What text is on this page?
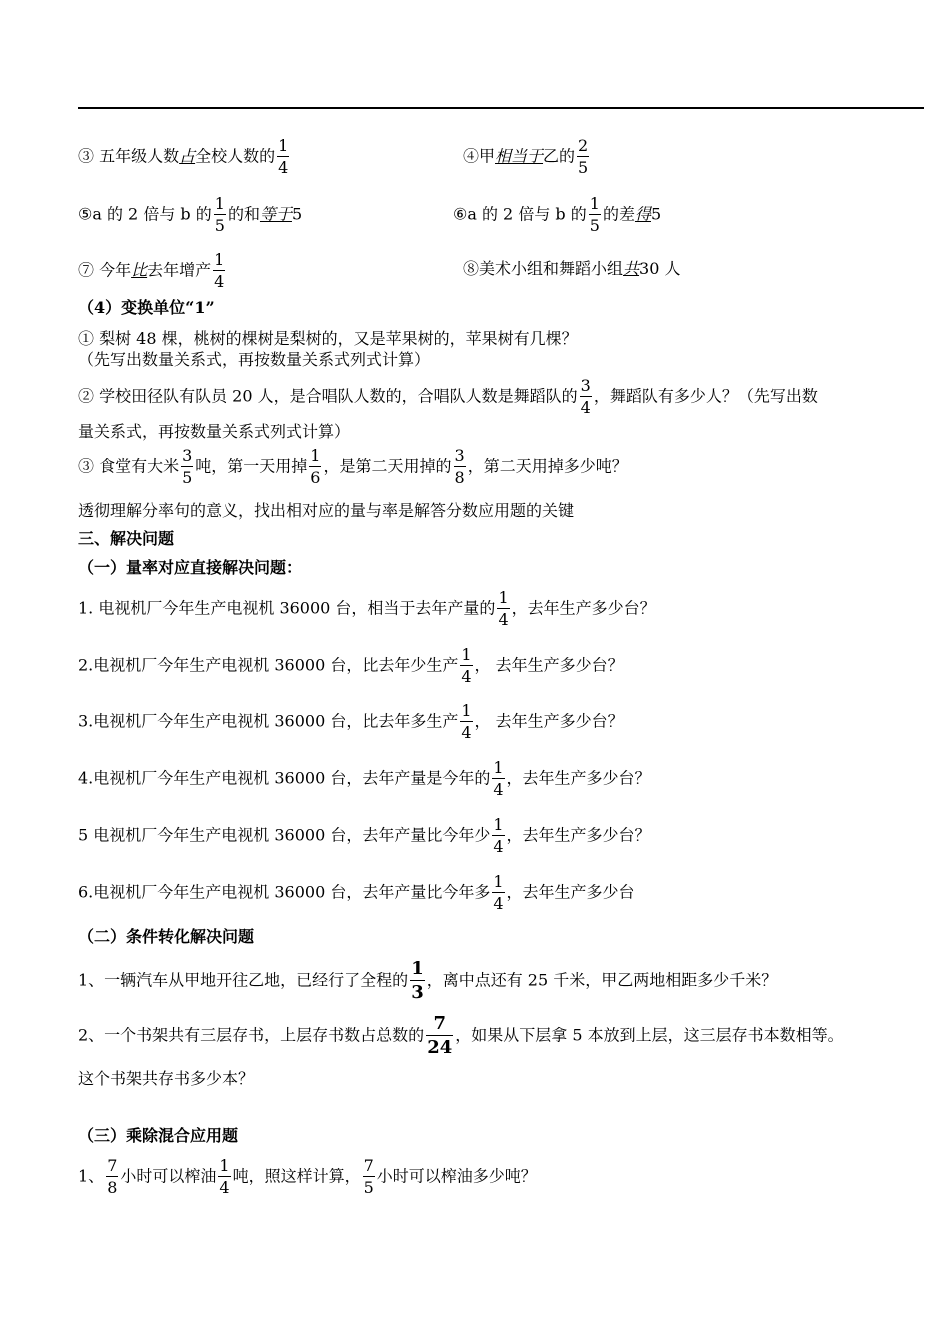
③ 五年级人数占全校人数的 $\frac{1}{4}$	④甲相当于乙的 $\frac{2}{5}$
⑤a 的 2 倍与 b 的 $\frac{1}{5}$ 的和等于5	⑥a 的 2 倍与 b 的 $\frac{1}{5}$ 的差得5
⑦ 今年比去年增产 $\frac{1}{4}$	⑧美术小组和舞蹈小组共30 人
（4）变换单位“1”
① 梨树 48 棵，桃树的棵树是梨树的，又是苹果树的，苹果树有几棵？
（先写出数量关系式，再按数量关系式列式计算）
② 学校田径队有队员 20 人，是合唱队人数的，合唱队人数是舞蹈队的 $\frac{3}{4}$ ，舞蹈队有多少人？（先写出数
量关系式，再按数量关系式列式计算）
③ 食堂有大米 $\frac{3}{5}$ 吨，第一天用掉 $\frac{1}{6}$ ，是第二天用掉的 $\frac{3}{8}$ ，第二天用掉多少吨？
透彻理解分率句的意义，找出相对应的量与率是解答分数应用题的关键
三、解决问题
（一）量率对应直接解决问题：
1. 电视机厂今年生产电视机 36000 台，相当于去年产量的 $\frac{1}{4}$ ，去年生产多少台？
2.电视机厂今年生产电视机 36000 台，比去年少生产 $\frac{1}{4}$ ， 去年生产多少台？
3.电视机厂今年生产电视机 36000 台，比去年多生产 $\frac{1}{4}$ ， 去年生产多少台？
4.电视机厂今年生产电视机 36000 台，去年产量是今年的 $\frac{1}{4}$ ，去年生产多少台？
5 电视机厂今年生产电视机 36000 台，去年产量比今年少 $\frac{1}{4}$ ，去年生产多少台？
6.电视机厂今年生产电视机 36000 台，去年产量比今年多 $\frac{1}{4}$ ，去年生产多少台
（二）条件转化解决问题
1、一辆汽车从甲地开往乙地，已经行了全程的 $\frac{1}{3}$ ，离中点还有 25 千米，甲乙两地相距多少千米？
2、一个书架共有三层存书，上层存书数占总数的 $\frac{7}{24}$ ，如果从下层拿 5 本放到上层，这三层存书本数相等。
这个书架共存书多少本？
（三）乘除混合应用题
1、 $\frac{7}{8}$ 小时可以榨油 $\frac{1}{4}$ 吨，照这样计算， $\frac{7}{5}$ 小时可以榨油多少吨？
